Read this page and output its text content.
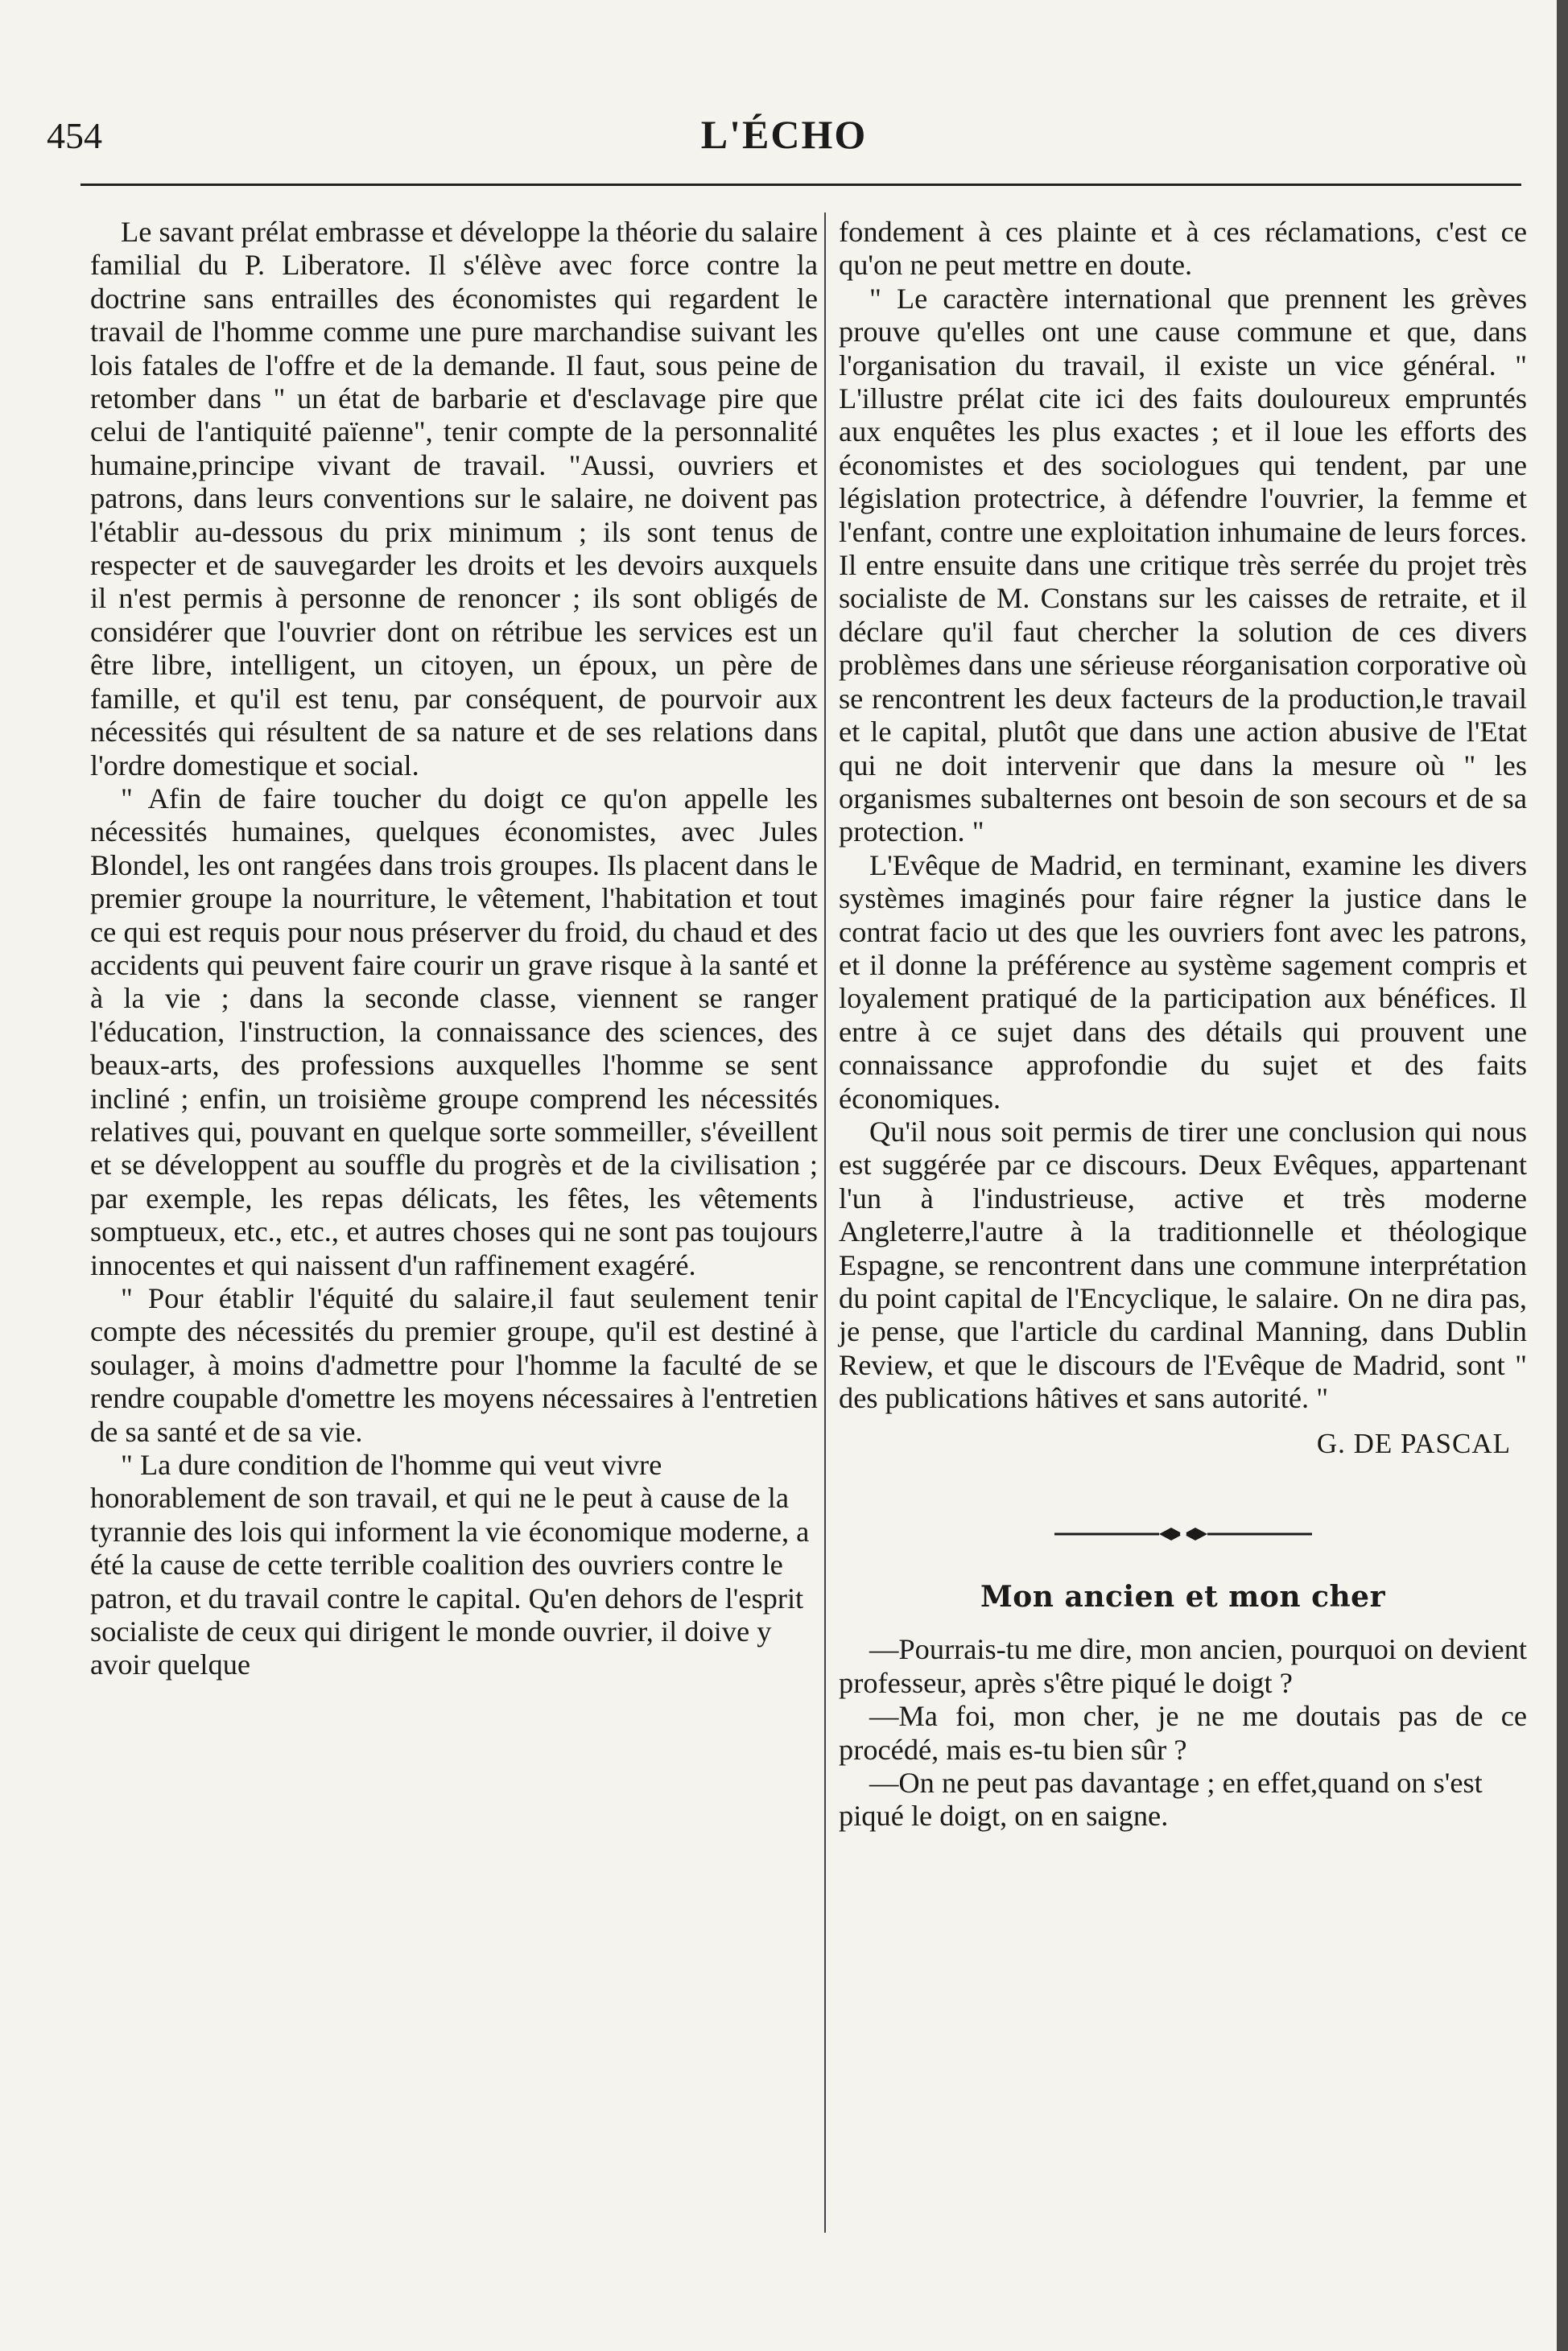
454	L'ÉCHO

Le savant prélat embrasse et développe la théorie du salaire familial du P. Liberatore. Il s'élève avec force contre la doctrine sans entrailles des économistes qui regardent le travail de l'homme comme une pure marchandise suivant les lois fatales de l'offre et de la demande. Il faut, sous peine de retomber dans " un état de barbarie et d'esclavage pire que celui de l'antiquité païenne", tenir compte de la personnalité humaine,principe vivant de travail. "Aussi, ouvriers et patrons, dans leurs conventions sur le salaire, ne doivent pas l'établir au-dessous du prix minimum ; ils sont tenus de respecter et de sauvegarder les droits et les devoirs auxquels il n'est permis à personne de renoncer ; ils sont obligés de considérer que l'ouvrier dont on rétribue les services est un être libre, intelligent, un citoyen, un époux, un père de famille, et qu'il est tenu, par conséquent, de pourvoir aux nécessités qui résultent de sa nature et de ses relations dans l'ordre domestique et social.

" Afin de faire toucher du doigt ce qu'on appelle les nécessités humaines, quelques économistes, avec Jules Blondel, les ont rangées dans trois groupes. Ils placent dans le premier groupe la nourriture, le vêtement, l'habitation et tout ce qui est requis pour nous préserver du froid, du chaud et des accidents qui peuvent faire courir un grave risque à la santé et à la vie ; dans la seconde classe, viennent se ranger l'éducation, l'instruction, la connaissance des sciences, des beaux-arts, des professions auxquelles l'homme se sent incliné ; enfin, un troisième groupe comprend les nécessités relatives qui, pouvant en quelque sorte sommeiller, s'éveillent et se développent au souffle du progrès et de la civilisation ; par exemple, les repas délicats, les fêtes, les vêtements somptueux, etc., etc., et autres choses qui ne sont pas toujours innocentes et qui naissent d'un raffinement exagéré.

" Pour établir l'équité du salaire,il faut seulement tenir compte des nécessités du premier groupe, qu'il est destiné à soulager, à moins d'admettre pour l'homme la faculté de se rendre coupable d'omettre les moyens nécessaires à l'entretien de sa santé et de sa vie.

" La dure condition de l'homme qui veut vivre honorablement de son travail, et qui ne le peut à cause de la tyrannie des lois qui informent la vie économique moderne, a été la cause de cette terrible coalition des ouvriers contre le patron, et du travail contre le capital. Qu'en dehors de l'esprit socialiste de ceux qui dirigent le monde ouvrier, il doive y avoir quelque

fondement à ces plainte et à ces réclamations, c'est ce qu'on ne peut mettre en doute.

" Le caractère international que prennent les grèves prouve qu'elles ont une cause commune et que, dans l'organisation du travail, il existe un vice général. " L'illustre prélat cite ici des faits douloureux empruntés aux enquêtes les plus exactes ; et il loue les efforts des économistes et des sociologues qui tendent, par une législation protectrice, à défendre l'ouvrier, la femme et l'enfant, contre une exploitation inhumaine de leurs forces. Il entre ensuite dans une critique très serrée du projet très socialiste de M. Constans sur les caisses de retraite, et il déclare qu'il faut chercher la solution de ces divers problèmes dans une sérieuse réorganisation corporative où se rencontrent les deux facteurs de la production,le travail et le capital, plutôt que dans une action abusive de l'Etat qui ne doit intervenir que dans la mesure où " les organismes subalternes ont besoin de son secours et de sa protection. "

L'Evêque de Madrid, en terminant, examine les divers systèmes imaginés pour faire régner la justice dans le contrat facio ut des que les ouvriers font avec les patrons, et il donne la préférence au système sagement compris et loyalement pratiqué de la participation aux bénéfices. Il entre à ce sujet dans des détails qui prouvent une connaissance approfondie du sujet et des faits économiques.

Qu'il nous soit permis de tirer une conclusion qui nous est suggérée par ce discours. Deux Evêques, appartenant l'un à l'industrieuse, active et très moderne Angleterre,l'autre à la traditionnelle et théologique Espagne, se rencontrent dans une commune interprétation du point capital de l'Encyclique, le salaire. On ne dira pas, je pense, que l'article du cardinal Manning, dans Dublin Review, et que le discours de l'Evêque de Madrid, sont " des publications hâtives et sans autorité. "

G. DE PASCAL
Mon ancien et mon cher

—Pourrais-tu me dire, mon ancien, pourquoi on devient professeur, après s'être piqué le doigt ?

—Ma foi, mon cher, je ne me doutais pas de ce procédé, mais es-tu bien sûr ?

—On ne peut pas davantage ; en effet,quand on s'est piqué le doigt, on en saigne.
